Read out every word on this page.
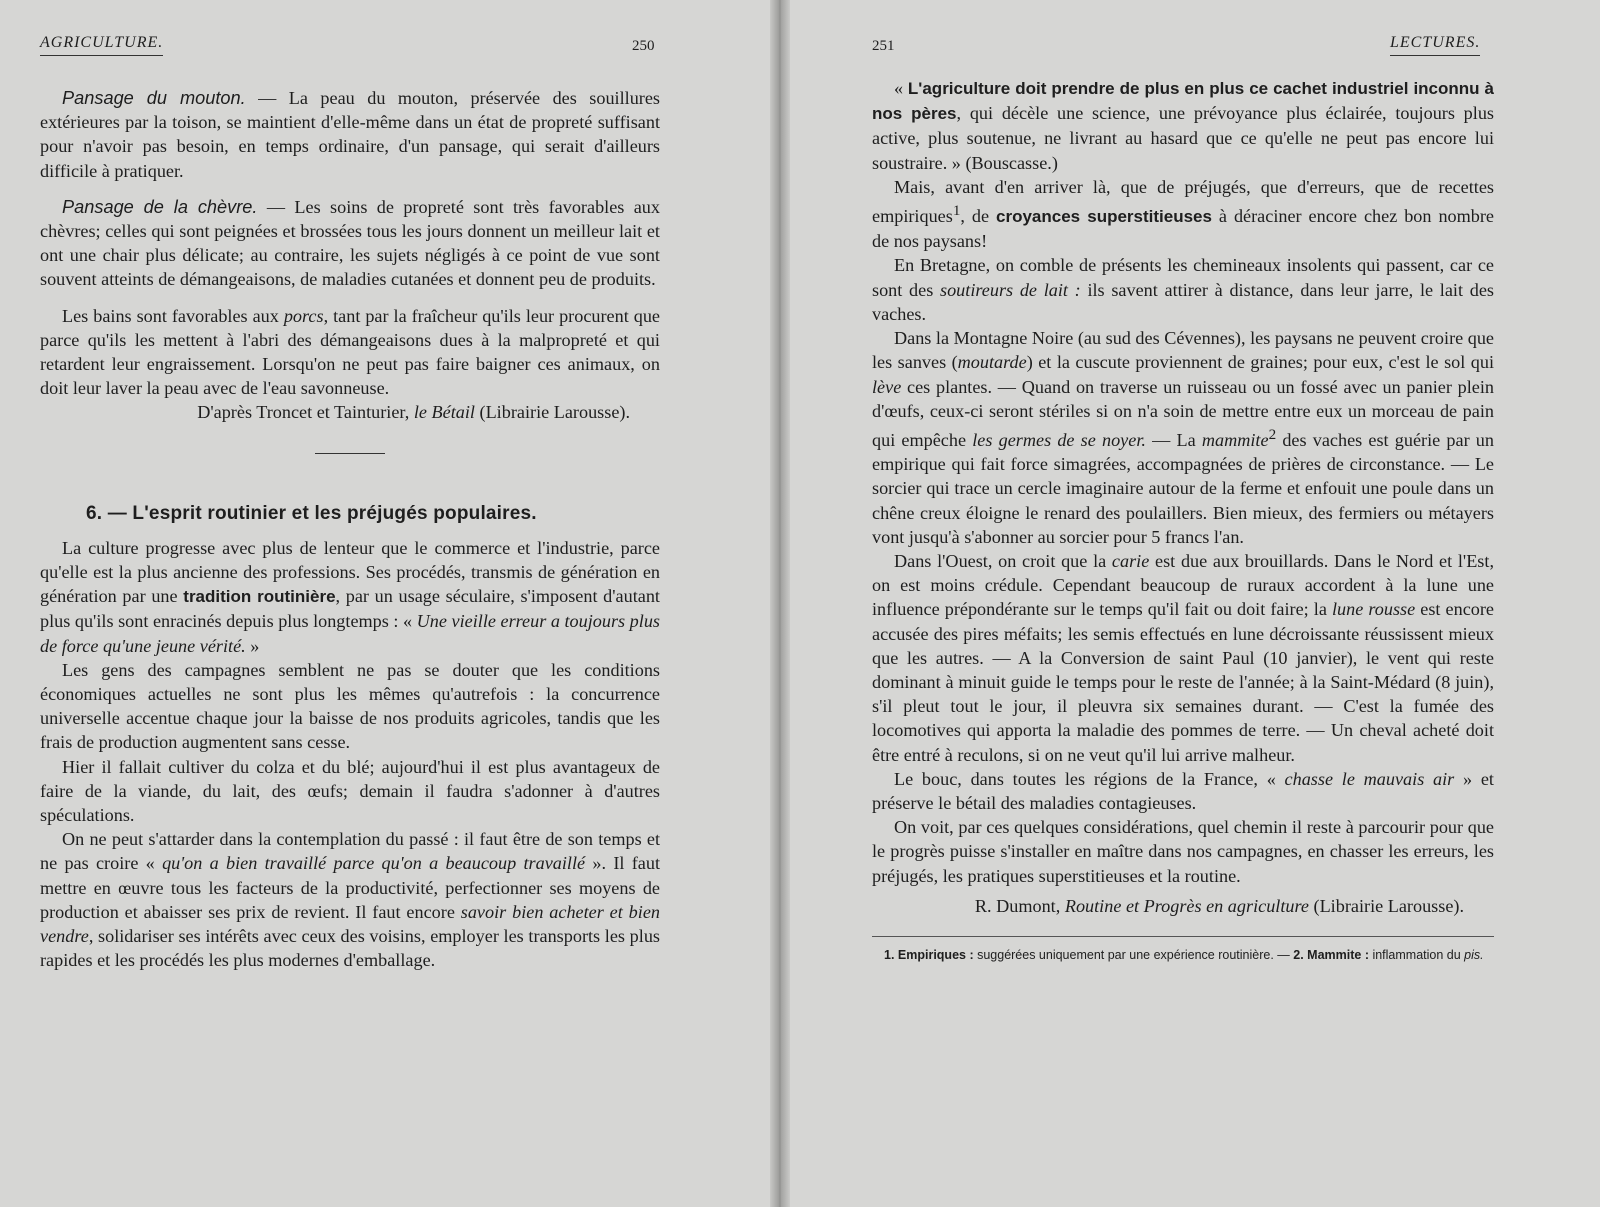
AGRICULTURE.	250

Pansage du mouton. — La peau du mouton, préservée des souillures extérieures par la toison, se maintient d'elle-même dans un état de propreté suffisant pour n'avoir pas besoin, en temps ordinaire, d'un pansage, qui serait d'ailleurs difficile à pratiquer.

Pansage de la chèvre. — Les soins de propreté sont très favorables aux chèvres; celles qui sont peignées et brossées tous les jours donnent un meilleur lait et ont une chair plus délicate; au contraire, les sujets négligés à ce point de vue sont souvent atteints de démangeaisons, de maladies cutanées et donnent peu de produits.

Les bains sont favorables aux porcs, tant par la fraîcheur qu'ils leur procurent que parce qu'ils les mettent à l'abri des démangeaisons dues à la malpropreté et qui retardent leur engraissement. Lorsqu'on ne peut pas faire baigner ces animaux, on doit leur laver la peau avec de l'eau savonneuse.

D'après Troncet et Tainturier, le Bétail (Librairie Larousse).

6. — L'esprit routinier et les préjugés populaires.

La culture progresse avec plus de lenteur que le commerce et l'industrie, parce qu'elle est la plus ancienne des professions. Ses procédés, transmis de génération en génération par une tradition routinière, par un usage séculaire, s'imposent d'autant plus qu'ils sont enracinés depuis plus longtemps : « Une vieille erreur a toujours plus de force qu'une jeune vérité. »

Les gens des campagnes semblent ne pas se douter que les conditions économiques actuelles ne sont plus les mêmes qu'autrefois : la concurrence universelle accentue chaque jour la baisse de nos produits agricoles, tandis que les frais de production augmentent sans cesse.

Hier il fallait cultiver du colza et du blé; aujourd'hui il est plus avantageux de faire de la viande, du lait, des œufs; demain il faudra s'adonner à d'autres spéculations.

On ne peut s'attarder dans la contemplation du passé : il faut être de son temps et ne pas croire « qu'on a bien travaillé parce qu'on a beaucoup travaillé ». Il faut mettre en œuvre tous les facteurs de la productivité, perfectionner ses moyens de production et abaisser ses prix de revient. Il faut encore savoir bien acheter et bien vendre, solidariser ses intérêts avec ceux des voisins, employer les transports les plus rapides et les procédés les plus modernes d'emballage.

251	LECTURES.

« L'agriculture doit prendre de plus en plus ce cachet industriel inconnu à nos pères, qui décèle une science, une prévoyance plus éclairée, toujours plus active, plus soutenue, ne livrant au hasard que ce qu'elle ne peut pas encore lui soustraire. » (Bouscasse.)

Mais, avant d'en arriver là, que de préjugés, que d'erreurs, que de recettes empiriques$^1$, de croyances superstitieuses à déraciner encore chez bon nombre de nos paysans!

En Bretagne, on comble de présents les chemineaux insolents qui passent, car ce sont des soutireurs de lait : ils savent attirer à distance, dans leur jarre, le lait des vaches.

Dans la Montagne Noire (au sud des Cévennes), les paysans ne peuvent croire que les sanves (moutarde) et la cuscute proviennent de graines; pour eux, c'est le sol qui lève ces plantes. — Quand on traverse un ruisseau ou un fossé avec un panier plein d'œufs, ceux-ci seront stériles si on n'a soin de mettre entre eux un morceau de pain qui empêche les germes de se noyer. — La mammite$^2$ des vaches est guérie par un empirique qui fait force simagrées, accompagnées de prières de circonstance. — Le sorcier qui trace un cercle imaginaire autour de la ferme et enfouit une poule dans un chêne creux éloigne le renard des poulaillers. Bien mieux, des fermiers ou métayers vont jusqu'à s'abonner au sorcier pour 5 francs l'an.

Dans l'Ouest, on croit que la carie est due aux brouillards. Dans le Nord et l'Est, on est moins crédule. Cependant beaucoup de ruraux accordent à la lune une influence prépondérante sur le temps qu'il fait ou doit faire; la lune rousse est encore accusée des pires méfaits; les semis effectués en lune décroissante réussissent mieux que les autres. — A la Conversion de saint Paul (10 janvier), le vent qui reste dominant à minuit guide le temps pour le reste de l'année; à la Saint-Médard (8 juin), s'il pleut tout le jour, il pleuvra six semaines durant. — C'est la fumée des locomotives qui apporta la maladie des pommes de terre. — Un cheval acheté doit être entré à reculons, si on ne veut qu'il lui arrive malheur.

Le bouc, dans toutes les régions de la France, « chasse le mauvais air » et préserve le bétail des maladies contagieuses.

On voit, par ces quelques considérations, quel chemin il reste à parcourir pour que le progrès puisse s'installer en maître dans nos campagnes, en chasser les erreurs, les préjugés, les pratiques superstitieuses et la routine.

R. Dumont, Routine et Progrès en agriculture (Librairie Larousse).

1. Empiriques : suggérées uniquement par une expérience routinière. — 2. Mammite : inflammation du pis.
